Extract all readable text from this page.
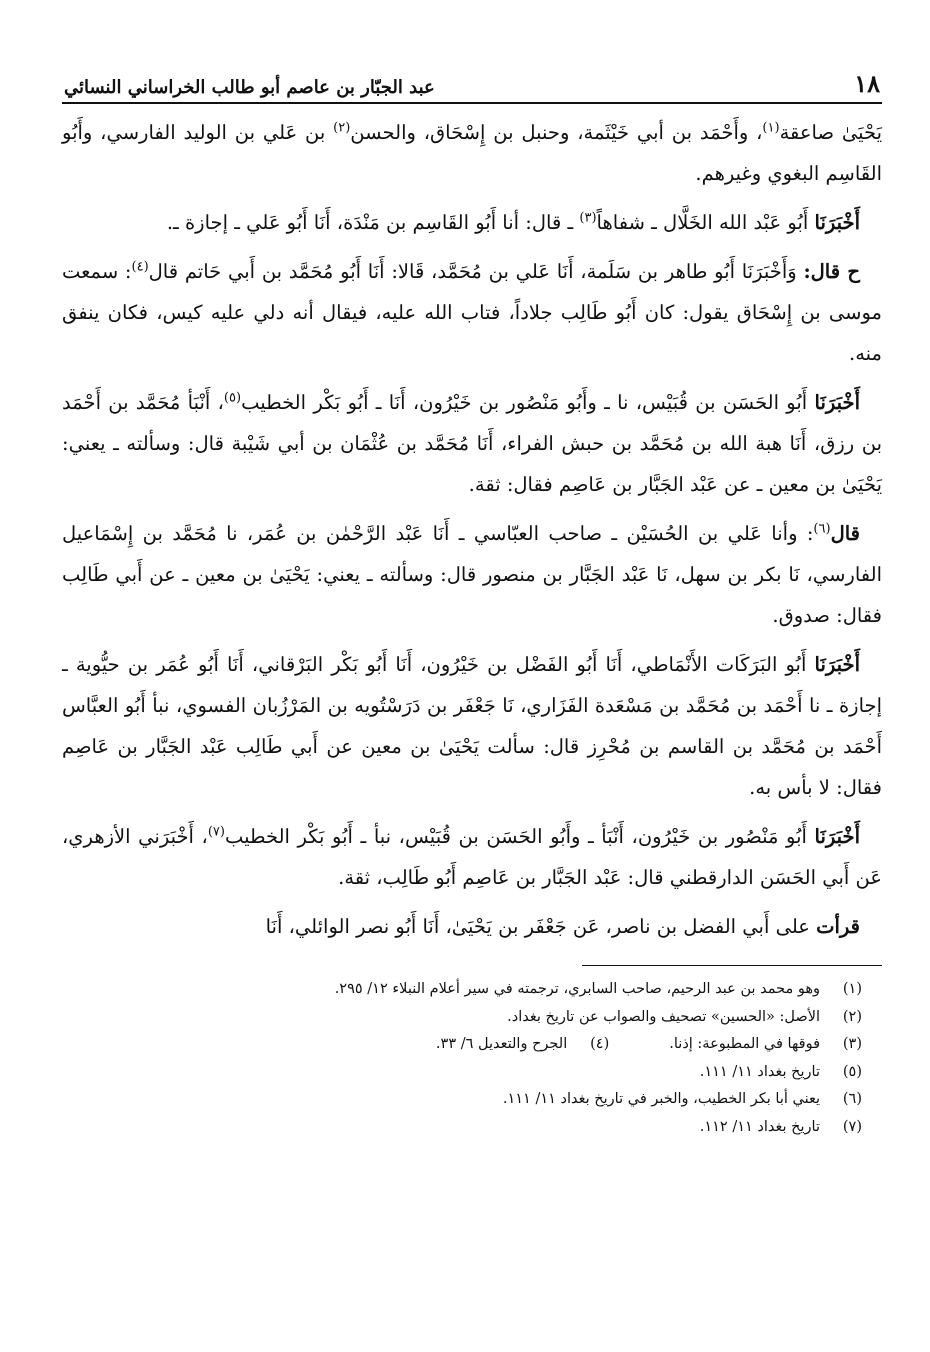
١٨
عبد الجبّار بن عاصم أبو طالب الخراساني النسائي

يَحْيَىٰ صاعقة$^{(١)}$، وأَحْمَد بن أبي خَيْثَمة، وحنبل بن إِسْحَاق، والحسن$^{(٢)}$ بن عَلي بن الوليد الفارسي، وأَبُو القَاسِم البغوي وغيرهم.

أَخْبَرَنَا أَبُو عَبْد الله الخَلَّال ـ شفاهاً$^{(٣)}$ ـ قال: أنا أَبُو القَاسِم بن مَنْدَة، أَنَا أَبُو عَلي ـ إجازة ـ.

ح قال: وَأَخْبَرَنَا أَبُو طاهر بن سَلَمة، أَنَا عَلي بن مُحَمَّد، قَالا: أَنَا أَبُو مُحَمَّد بن أَبي حَاتم قال$^{(٤)}$: سمعت موسى بن إِسْحَاق يقول: كان أَبُو طَالِب جلاداً، فتاب الله عليه، فيقال أنه دلي عليه كيس، فكان ينفق منه.

أَخْبَرَنَا أَبُو الحَسَن بن قُبَيْس، نا ـ وأَبُو مَنْصُور بن خَيْرُون، أَنَا ـ أَبُو بَكْر الخطيب$^{(٥)}$، أَنْبَأ مُحَمَّد بن أَحْمَد بن رزق، أَنَا هبة الله بن مُحَمَّد بن حبش الفراء، أَنَا مُحَمَّد بن عُثْمَان بن أبي شَيْبة قال: وسألته ـ يعني: يَحْيَىٰ بن معين ـ عن عَبْد الجَبَّار بن عَاصِم فقال: ثقة.

قال$^{(٦)}$: وأنا عَلي بن الحُسَيْن ـ صاحب العبّاسي ـ أَنَا عَبْد الرَّحْمٰن بن عُمَر، نا مُحَمَّد بن إِسْمَاعيل الفارسي، نَا بكر بن سهل، نَا عَبْد الجَبَّار بن منصور قال: وسألته ـ يعني: يَحْيَىٰ بن معين ـ عن أَبي طَالِب فقال: صدوق.

أَخْبَرَنَا أَبُو البَرَكَات الأَنْمَاطي، أَنَا أَبُو الفَضْل بن خَيْرُون، أَنَا أَبُو بَكْر البَرْقاني، أَنَا أَبُو عُمَر بن حيُّوية ـ إجازة ـ نا أَحْمَد بن مُحَمَّد بن مَسْعَدة الفَزَاري، نَا جَعْفَر بن دَرَسْتُويه بن المَرْزُبان الفسوي، نبأ أَبُو العبَّاس أَحْمَد بن مُحَمَّد بن القاسم بن مُحْرِز قال: سألت يَحْيَىٰ بن معين عن أَبي طَالِب عَبْد الجَبَّار بن عَاصِم فقال: لا بأس به.

أَخْبَرَنَا أَبُو مَنْصُور بن خَيْرُون، أَنْبَأ ـ وأَبُو الحَسَن بن قُبَيْس، نبأ ـ أَبُو بَكْر الخطيب$^{(٧)}$، أَخْبَرَني الأزهري، عَن أَبي الحَسَن الدارقطني قال: عَبْد الجَبَّار بن عَاصِم أَبُو طَالِب، ثقة.

قرأت على أَبي الفضل بن ناصر، عَن جَعْفَر بن يَحْيَىٰ، أَنَا أَبُو نصر الوائلي، أَنَا

(١)
وهو محمد بن عبد الرحيم، صاحب السابري، ترجمته في سير أعلام النبلاء ١٢/ ٢٩٥.
(٢)
الأصل: «الحسين» تصحيف والصواب عن تاريخ بغداد.
(٣)
فوقها في المطبوعة: إذنا.
(٤)
الجرح والتعديل ٦/ ٣٣.
(٥)
تاريخ بغداد ١١/ ١١١.
(٦)
يعني أبا بكر الخطيب، والخبر في تاريخ بغداد ١١/ ١١١.
(٧)
تاريخ بغداد ١١/ ١١٢.
